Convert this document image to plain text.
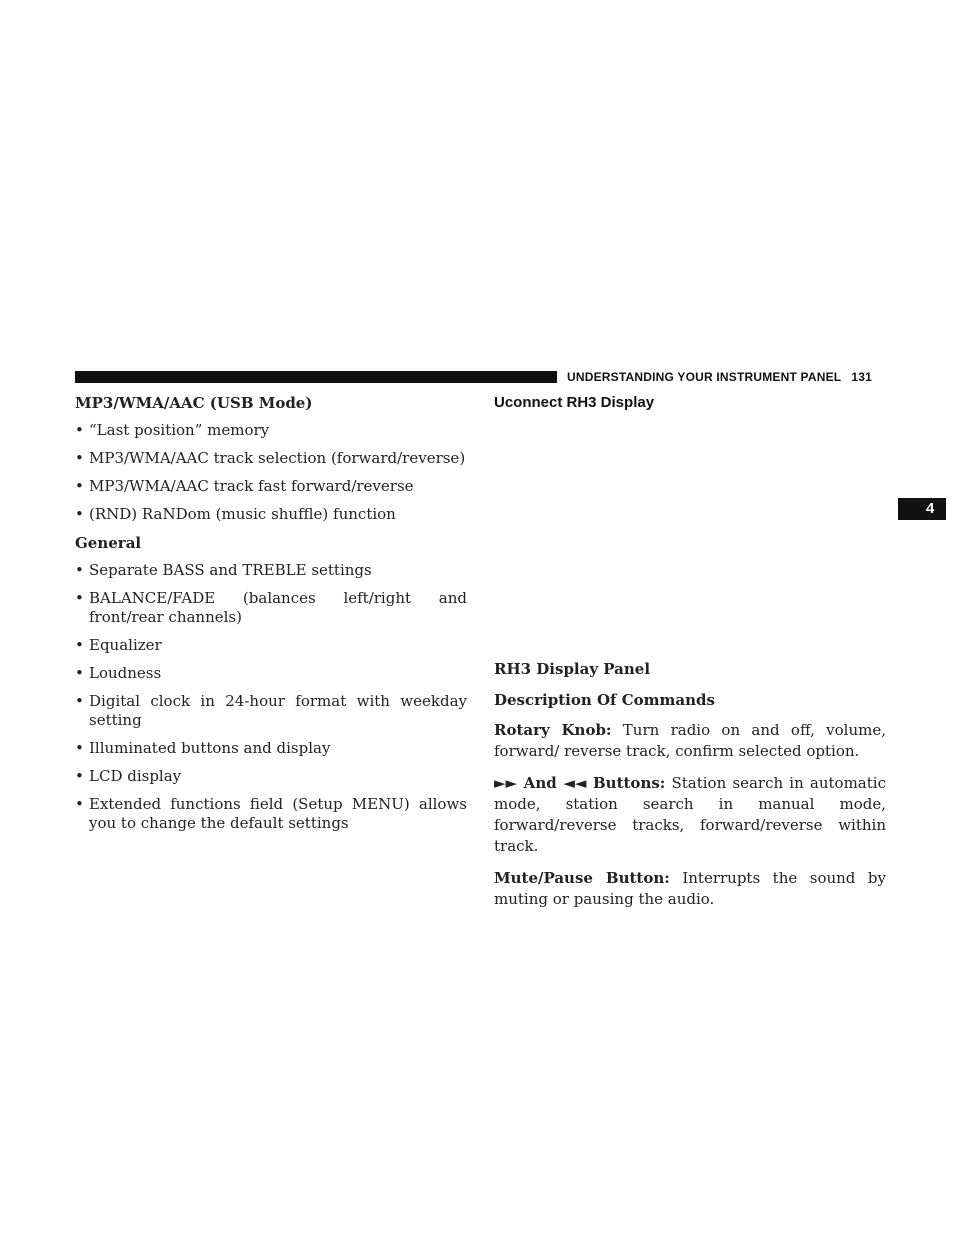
UNDERSTANDING YOUR INSTRUMENT PANEL 131
4
MP3/WMA/AAC (USB Mode)
• “Last position” memory
• MP3/WMA/AAC track selection (forward/reverse)
• MP3/WMA/AAC track fast forward/reverse
• (RND) RaNDom (music shuffle) function
General
• Separate BASS and TREBLE settings
• BALANCE/FADE (balances left/right and front/rear channels)
• Equalizer
• Loudness
• Digital clock in 24-hour format with weekday setting
• Illuminated buttons and display
• LCD display
• Extended functions field (Setup MENU) allows you to change the default settings
Uconnect RH3 Display

RH3 Display Panel

Description Of Commands

Rotary Knob: Turn radio on and off, volume, forward/ reverse track, confirm selected option.

►► And ◄◄ Buttons: Station search in automatic mode, station search in manual mode, forward/reverse tracks, forward/reverse within track.

Mute/Pause Button: Interrupts the sound by muting or pausing the audio.
